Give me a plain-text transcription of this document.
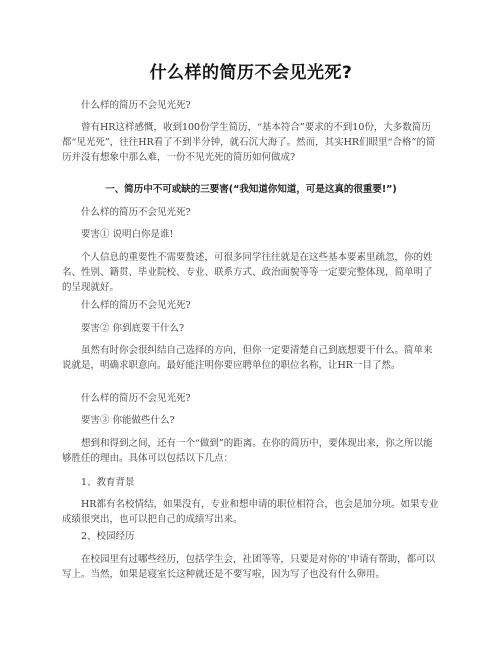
什么样的简历不会见光死?

什么样的简历不会见光死?

曾有HR这样感慨，收到100份学生简历，“基本符合”要求的不到10份，大多数简历都“见光死”，往往HR看了不到半分钟，就石沉大海了。然而，其实HR们眼里“合格”的简历并没有想象中那么难，一份不见光死的简历如何做成?

一、简历中不可或缺的三要害(“我知道你知道，可是这真的很重要!”)

什么样的简历不会见光死?

要害① 说明白你是谁!

个人信息的重要性不需要赘述，可很多同学往往就是在这些基本要素里疏忽，你的姓名、性别、籍贯、毕业院校、专业、联系方式、政治面貌等等一定要完整体现，简单明了的呈现就好。

什么样的简历不会见光死?

要害② 你到底要干什么?

虽然有时你会很纠结自己选择的方向，但你一定要清楚自己到底想要干什么。简单来说就是，明确求职意向。最好能注明你要应聘单位的职位名称，让HR一目了然。

什么样的简历不会见光死?

要害③ 你能做些什么?

想到和得到之间，还有一个“做到”的距离。在你的简历中，要体现出来，你之所以能够胜任的理由。具体可以包括以下几点：

1、教育背景

HR都有名校情结，如果没有，专业和想申请的职位相符合，也会是加分项。如果专业成绩很突出，也可以把自己的成绩写出来。

2、校园经历

在校园里有过哪些经历，包括学生会，社团等等，只要是对你的'申请有帮助，都可以写上。当然，如果是寝室长这种就还是不要写啦，因为写了也没有什么卵用。
